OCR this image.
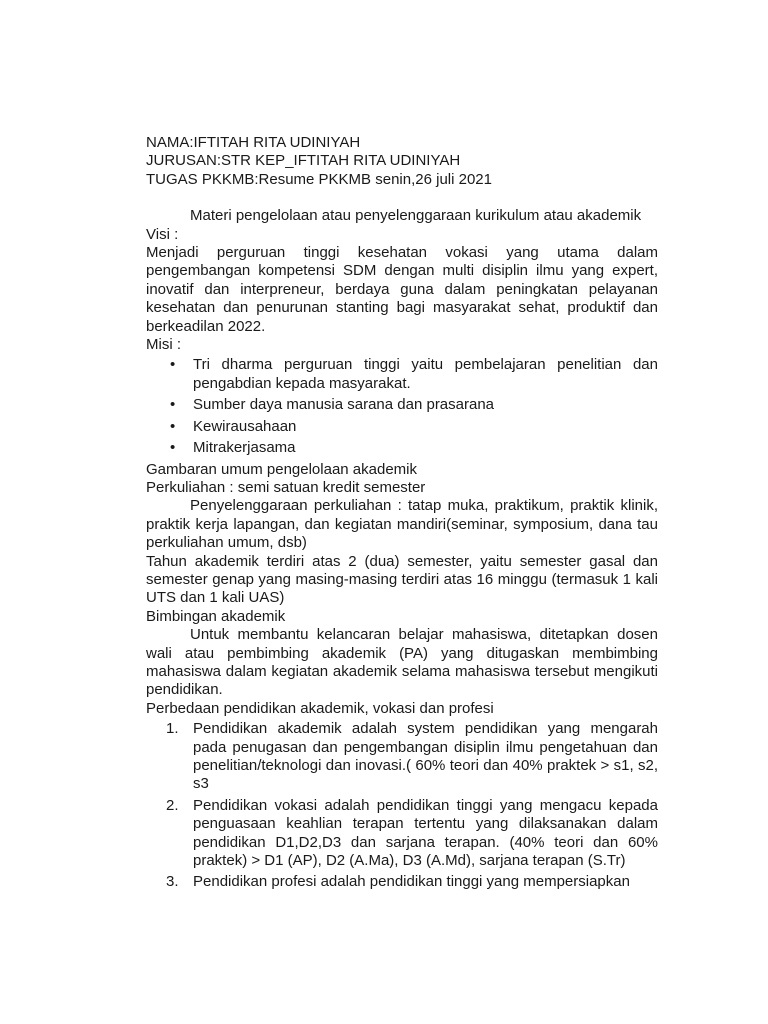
NAMA:IFTITAH RITA UDINIYAH

JURUSAN:STR KEP_IFTITAH RITA UDINIYAH

TUGAS PKKMB:Resume PKKMB senin,26 juli 2021

Materi pengelolaan atau penyelenggaraan kurikulum atau akademik

Visi :

Menjadi perguruan tinggi kesehatan vokasi yang utama dalam pengembangan kompetensi SDM dengan multi disiplin ilmu yang expert, inovatif dan interpreneur, berdaya guna dalam peningkatan pelayanan kesehatan dan penurunan stanting bagi masyarakat sehat, produktif dan berkeadilan 2022.

Misi :

• Tri dharma perguruan tinggi yaitu pembelajaran penelitian dan pengabdian kepada masyarakat.
• Sumber daya manusia sarana dan prasarana
• Kewirausahaan
• Mitrakerjasama

Gambaran umum pengelolaan akademik

Perkuliahan : semi satuan kredit semester

Penyelenggaraan perkuliahan : tatap muka, praktikum, praktik klinik, praktik kerja lapangan, dan kegiatan mandiri(seminar, symposium, dana tau perkuliahan umum, dsb)

Tahun akademik terdiri atas 2 (dua) semester, yaitu semester gasal dan semester genap yang masing-masing terdiri atas 16 minggu (termasuk 1 kali UTS dan 1 kali UAS)

Bimbingan akademik

Untuk membantu kelancaran belajar mahasiswa, ditetapkan dosen wali atau pembimbing akademik (PA) yang ditugaskan membimbing mahasiswa dalam kegiatan akademik selama mahasiswa tersebut mengikuti pendidikan.

Perbedaan pendidikan akademik, vokasi dan profesi

1. Pendidikan akademik adalah system pendidikan yang mengarah pada penugasan dan pengembangan disiplin ilmu pengetahuan dan penelitian/teknologi dan inovasi.( 60% teori dan 40% praktek > s1, s2, s3
2. Pendidikan vokasi adalah pendidikan tinggi yang mengacu kepada penguasaan keahlian terapan tertentu yang dilaksanakan dalam pendidikan D1,D2,D3 dan sarjana terapan. (40% teori dan 60% praktek) > D1 (AP), D2 (A.Ma), D3 (A.Md), sarjana terapan (S.Tr)
3. Pendidikan profesi adalah pendidikan tinggi yang mempersiapkan
